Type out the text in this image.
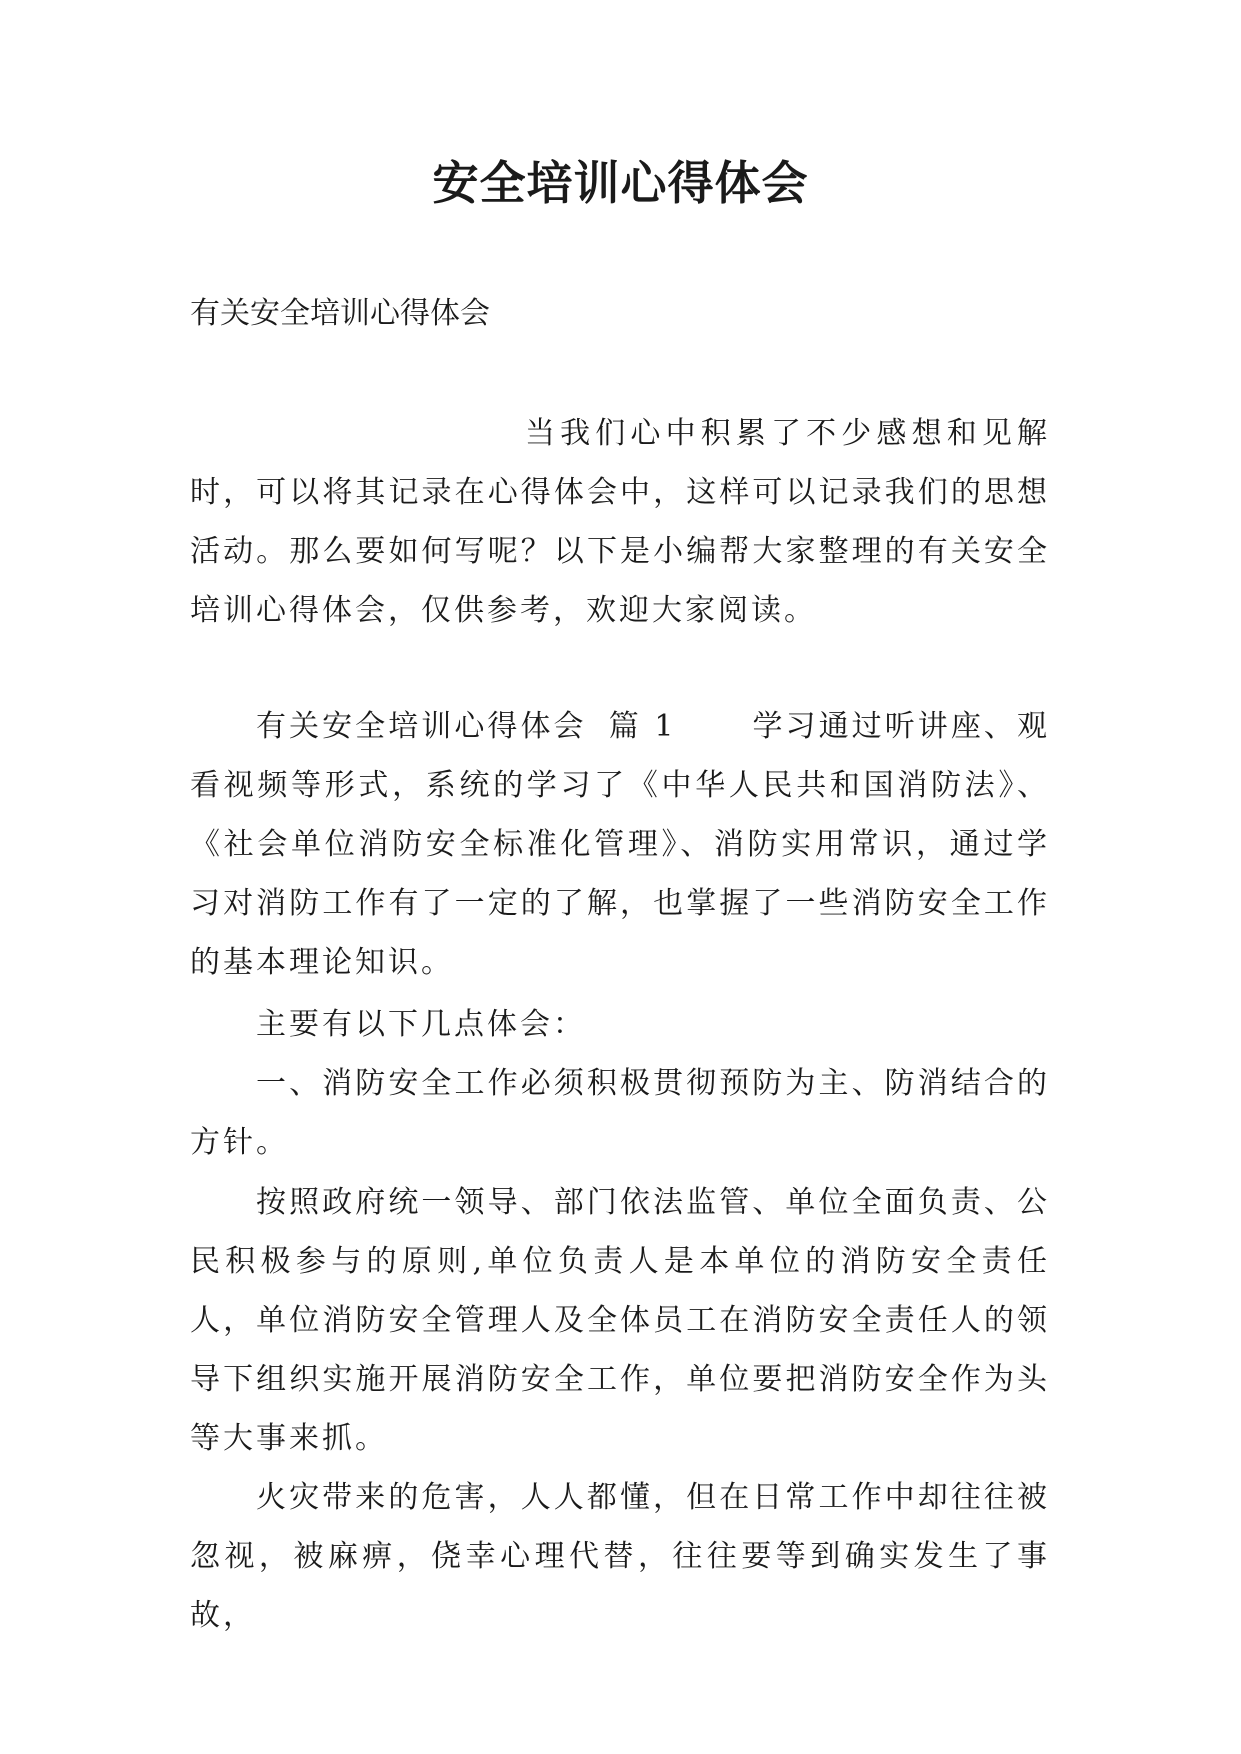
安全培训心得体会

有关安全培训心得体会

当我们心中积累了不少感想和见解时，可以将其记录在心得体会中，这样可以记录我们的思想活动。那么要如何写呢？以下是小编帮大家整理的有关安全培训心得体会，仅供参考，欢迎大家阅读。

有关安全培训心得体会 篇 1	学习通过听讲座、观看视频等形式，系统的学习了《中华人民共和国消防法》、《社会单位消防安全标准化管理》、消防实用常识，通过学习对消防工作有了一定的了解，也掌握了一些消防安全工作的基本理论知识。

主要有以下几点体会：

一、消防安全工作必须积极贯彻预防为主、防消结合的方针。

按照政府统一领导、部门依法监管、单位全面负责、公民积极参与的原则,单位负责人是本单位的消防安全责任人，单位消防安全管理人及全体员工在消防安全责任人的领导下组织实施开展消防安全工作，单位要把消防安全作为头等大事来抓。

火灾带来的危害，人人都懂，但在日常工作中却往往被忽视，被麻痹，侥幸心理代替，往往要等到确实发生了事故，
